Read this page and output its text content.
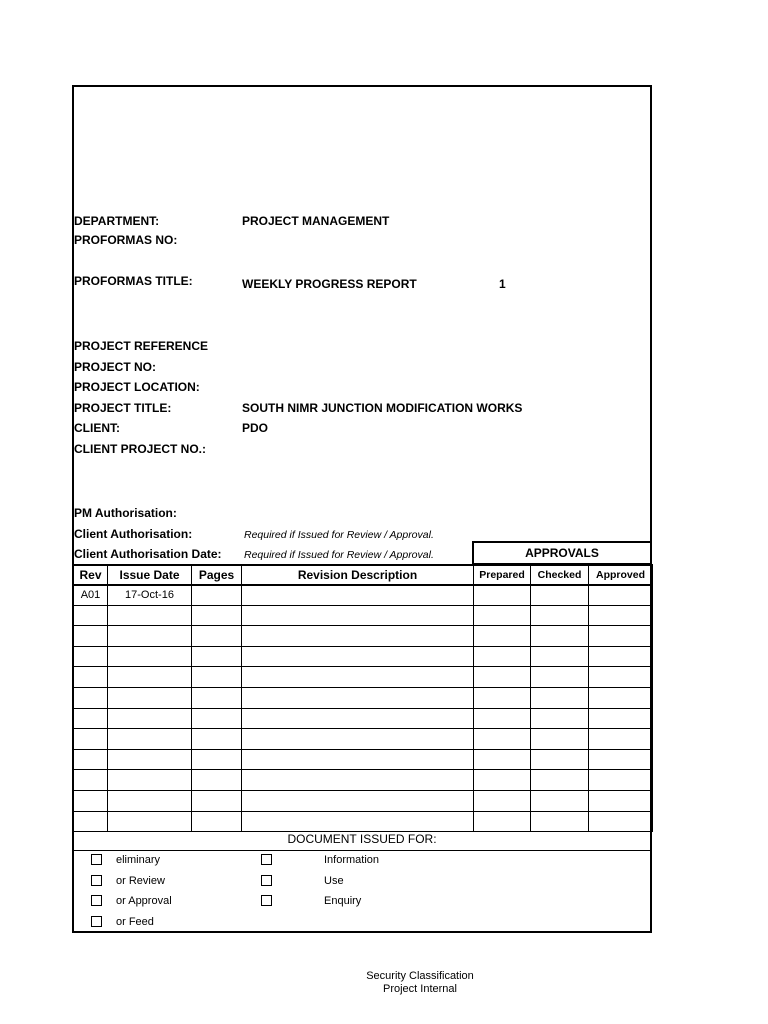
DEPARTMENT:	PROJECT MANAGEMENT
PROFORMAS NO:
PROFORMAS TITLE:	WEEKLY PROGRESS REPORT	1
PROJECT REFERENCE
PROJECT NO:
PROJECT LOCATION:
PROJECT TITLE:	SOUTH NIMR JUNCTION MODIFICATION WORKS
CLIENT:	PDO
CLIENT PROJECT NO.:
PM Authorisation:
Client Authorisation:	Required if Issued for Review / Approval.
Client Authorisation Date: Required if Issued for Review / Approval.	APPROVALS
Rev	Issue Date	Pages	Revision Description	Prepared	Checked	Approved
A01	17-Oct-16					

DOCUMENT ISSUED FOR:
eliminary
or Review
or Approval
or Feed
Information
Use
Enquiry
Security Classification
Project Internal
